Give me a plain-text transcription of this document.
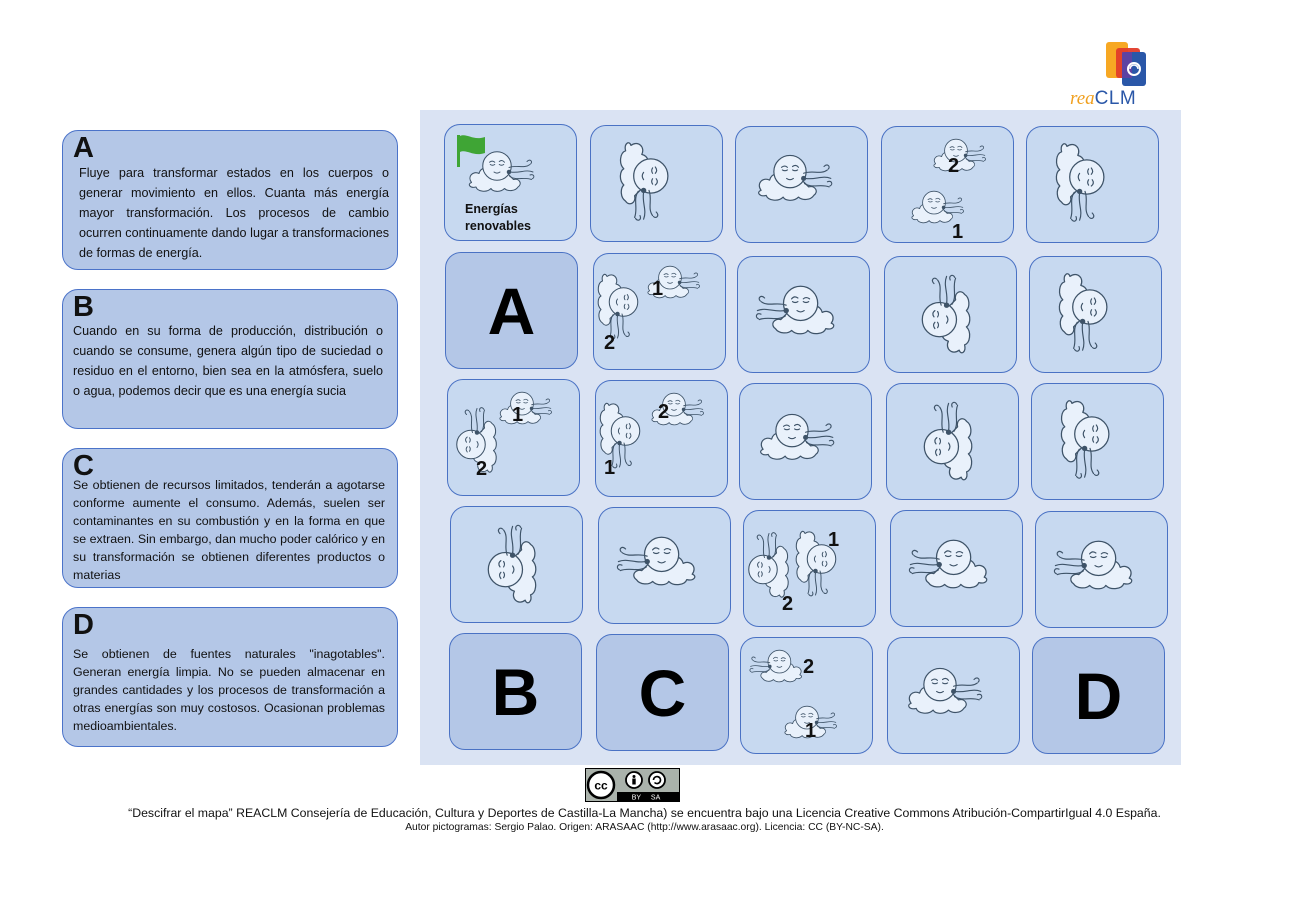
reaCLM
A
Fluye para transformar estados en los cuerpos o generar movimiento en ellos. Cuanta más energía mayor transformación. Los procesos de cambio ocurren continuamente dando lugar a transformaciones de formas de energía.
B
Cuando en su forma de producción, distribución o cuando se consume, genera algún tipo de suciedad o residuo en el entorno, bien sea en la atmósfera, suelo o agua, podemos decir que es una energía sucia
C
Se obtienen de recursos limitados, tenderán a agotarse conforme aumente el consumo. Además, suelen ser contaminantes en su combustión y en la forma en que se extraen. Sin embargo, dan mucho poder calórico y en su transformación se obtienen diferentes productos o materias
D
Se obtienen de fuentes naturales "inagotables". Generan energía limpia. No se pueden almacenar en grandes cantidades y los procesos de transformación a otras energías son muy costosos. Ocasionan problemas medioambientales.
Energías
renovables
2
1
A	1
2
1
2
2
1
1
2
B	C	2
1	D
cc
BY SA
“Descifrar el mapa” REACLM Consejería de Educación, Cultura y Deportes de Castilla-La Mancha) se encuentra bajo una Licencia Creative Commons Atribución-CompartirIgual 4.0 España.
Autor pictogramas: Sergio Palao. Origen: ARASAAC (http://www.arasaac.org). Licencia: CC (BY-NC-SA).
